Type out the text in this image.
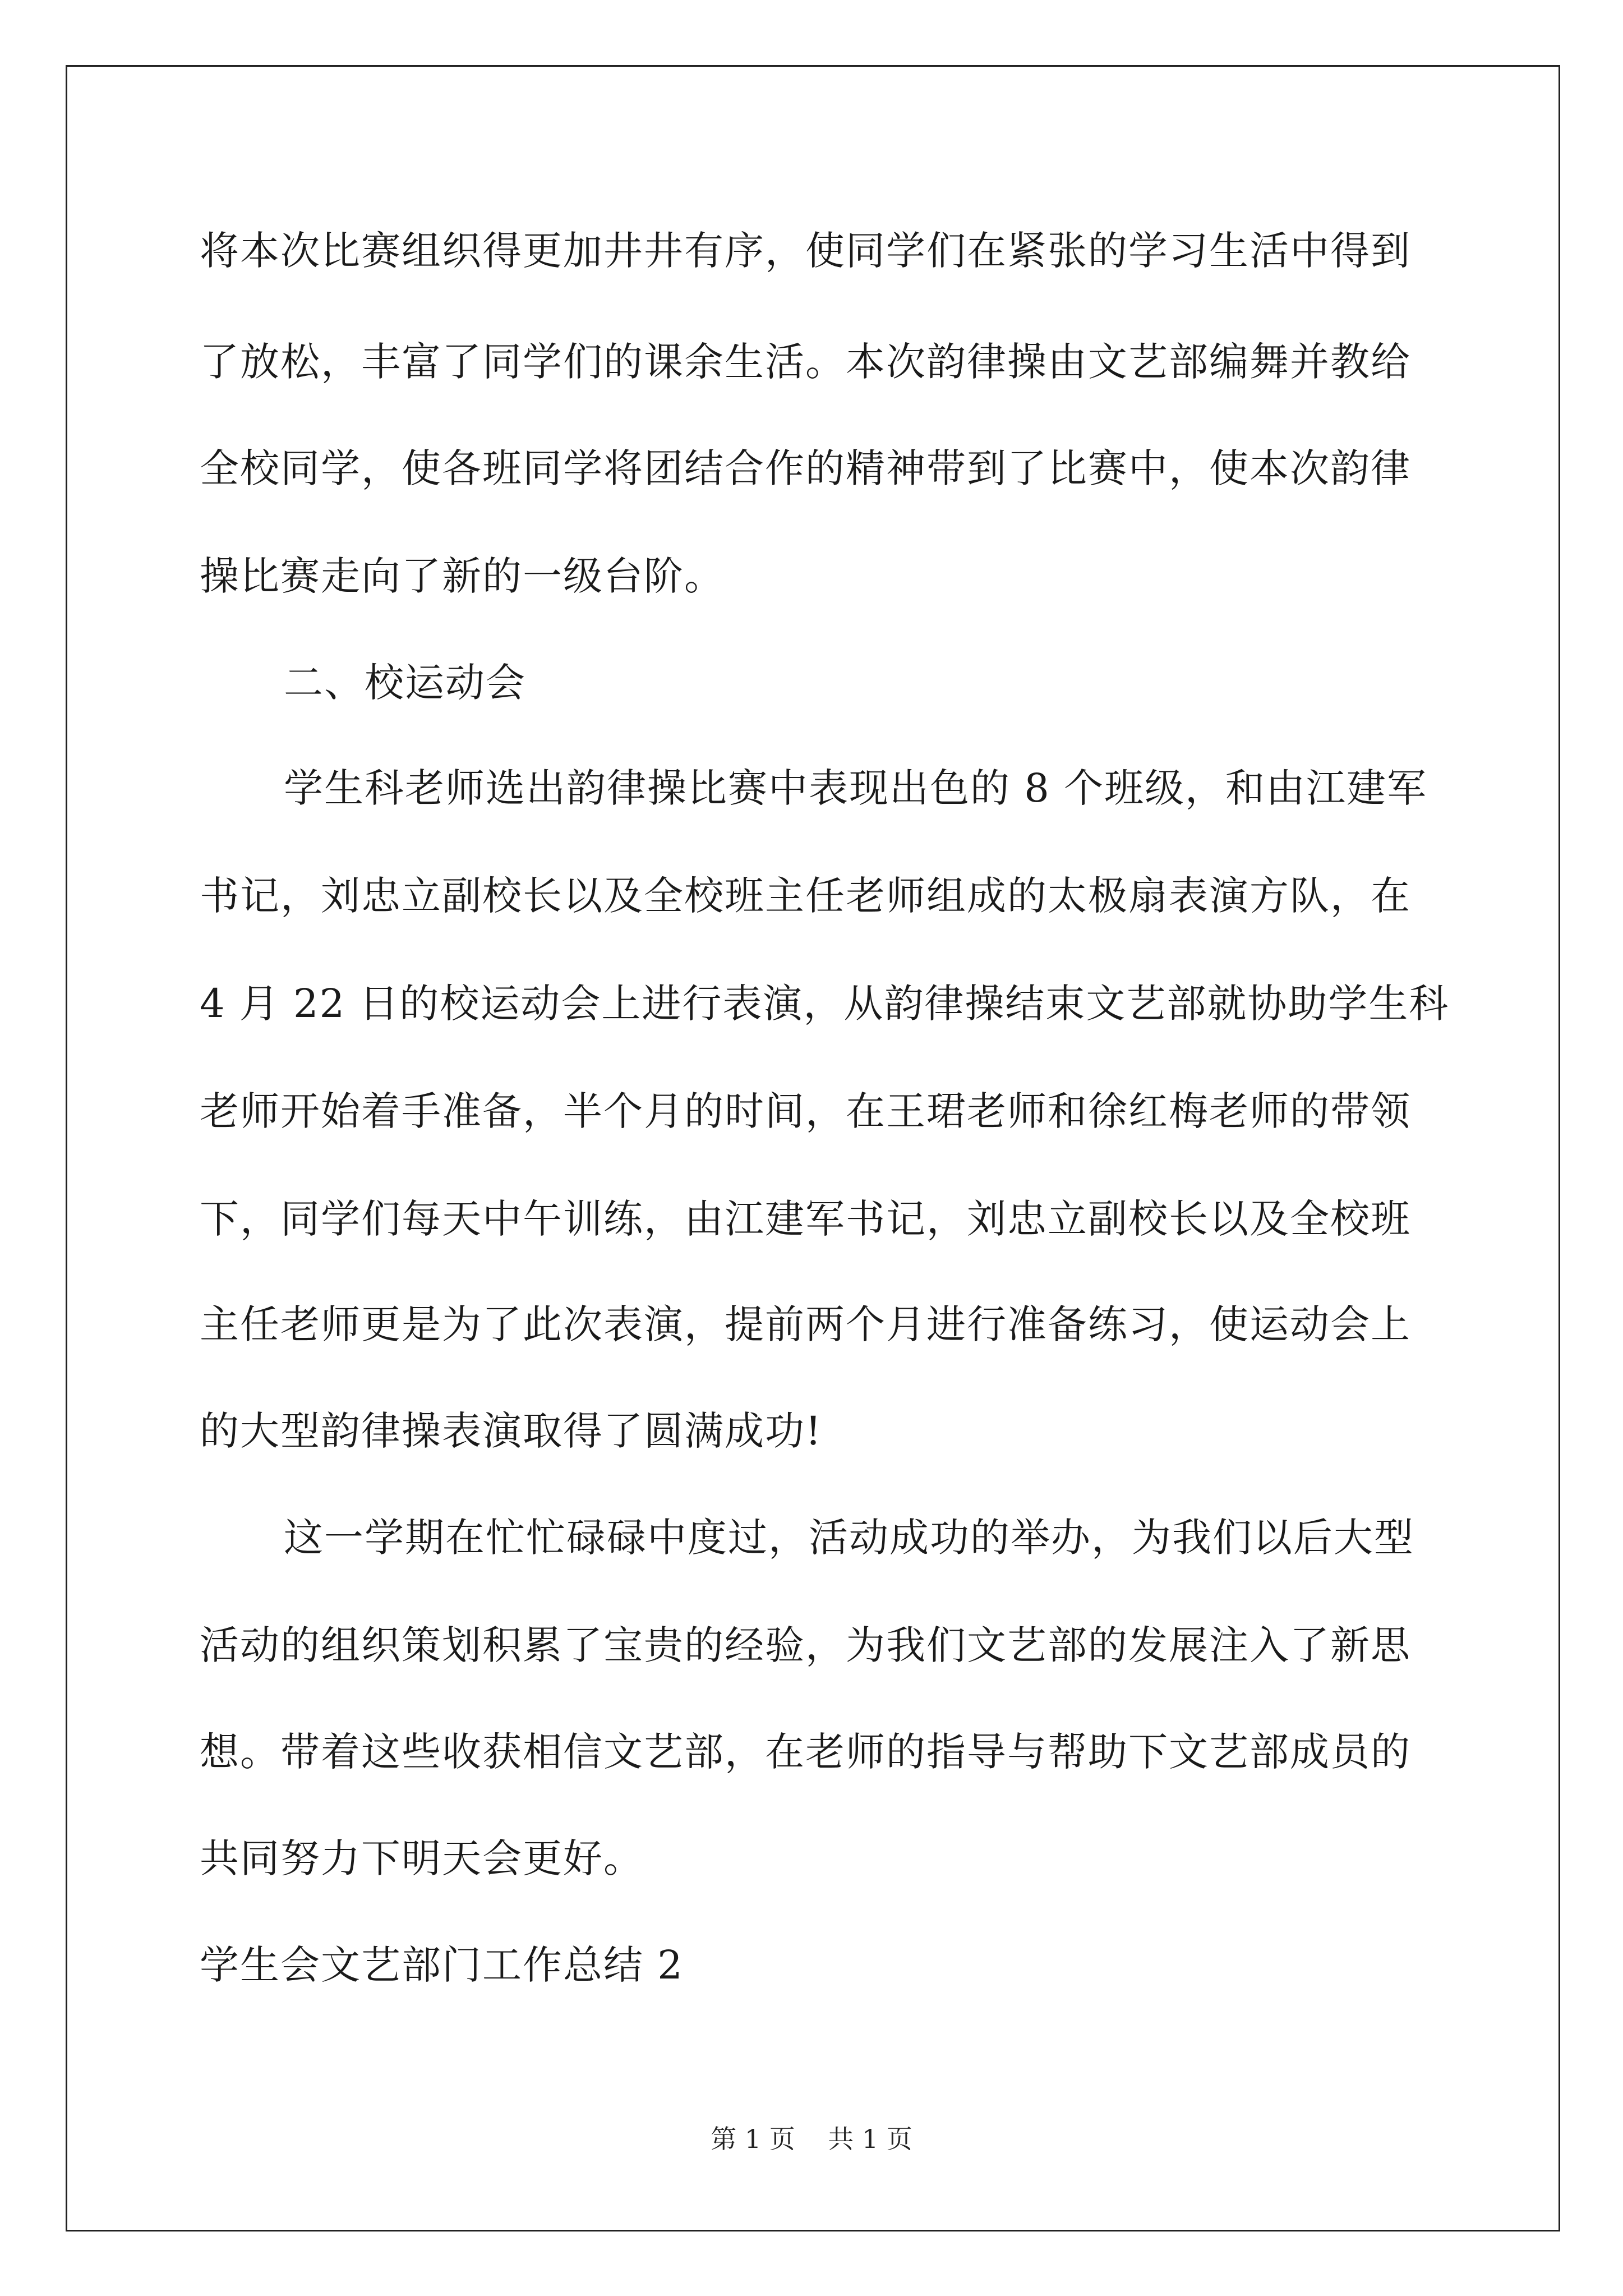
将本次比赛组织得更加井井有序，使同学们在紧张的学习生活中得到
了放松，丰富了同学们的课余生活。本次韵律操由文艺部编舞并教给
全校同学，使各班同学将团结合作的精神带到了比赛中，使本次韵律
操比赛走向了新的一级台阶。
二、校运动会
学生科老师选出韵律操比赛中表现出色的 8 个班级，和由江建军
书记，刘忠立副校长以及全校班主任老师组成的太极扇表演方队，在
4 月 22 日的校运动会上进行表演，从韵律操结束文艺部就协助学生科
老师开始着手准备，半个月的时间，在王珺老师和徐红梅老师的带领
下，同学们每天中午训练，由江建军书记，刘忠立副校长以及全校班
主任老师更是为了此次表演，提前两个月进行准备练习，使运动会上
的大型韵律操表演取得了圆满成功!
这一学期在忙忙碌碌中度过，活动成功的举办，为我们以后大型
活动的组织策划积累了宝贵的经验，为我们文艺部的发展注入了新思
想。带着这些收获相信文艺部，在老师的指导与帮助下文艺部成员的
共同努力下明天会更好。
学生会文艺部门工作总结 2
第 1 页    共 1 页
